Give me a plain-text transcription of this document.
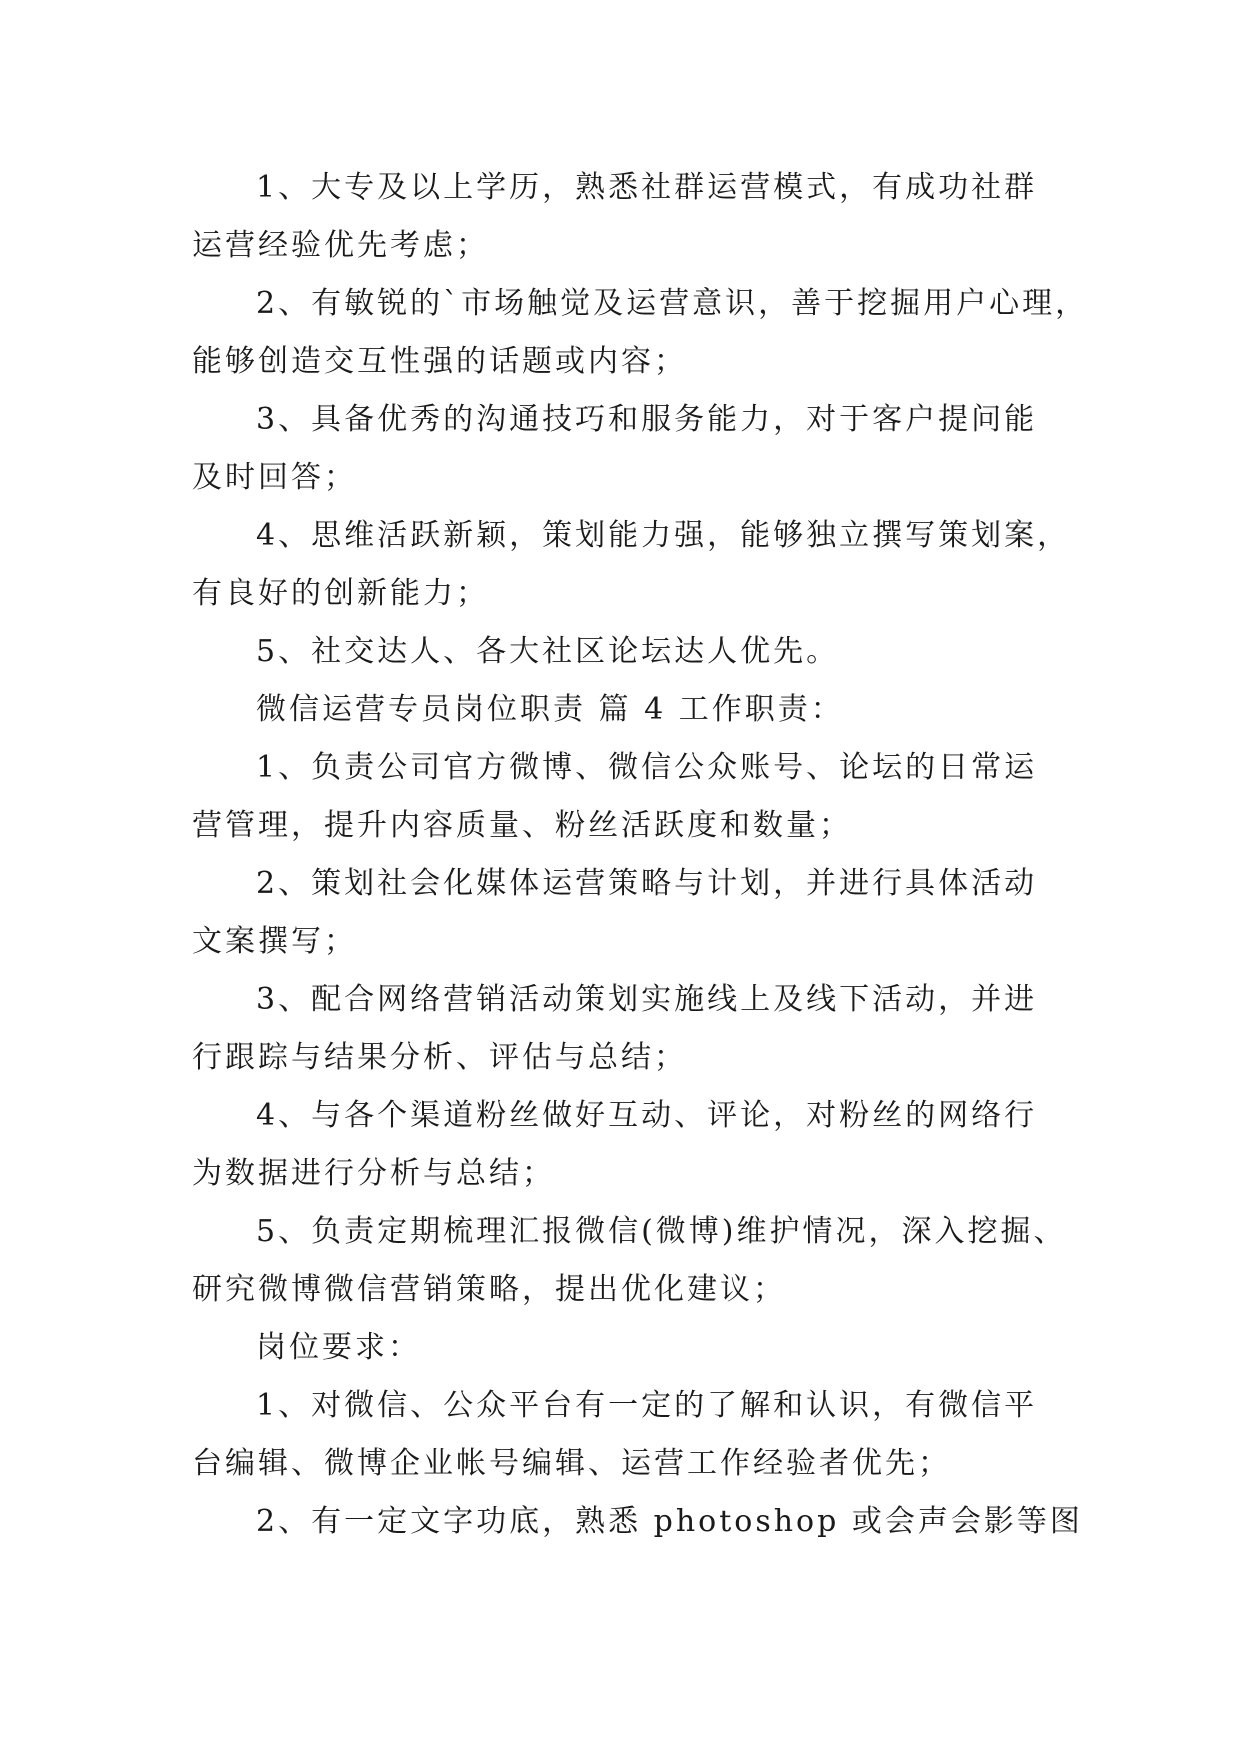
1、大专及以上学历，熟悉社群运营模式，有成功社群
运营经验优先考虑；
2、有敏锐的`市场触觉及运营意识，善于挖掘用户心理，
能够创造交互性强的话题或内容；
3、具备优秀的沟通技巧和服务能力，对于客户提问能
及时回答；
4、思维活跃新颖，策划能力强，能够独立撰写策划案，
有良好的创新能力；
5、社交达人、各大社区论坛达人优先。
微信运营专员岗位职责 篇 4 工作职责：
1、负责公司官方微博、微信公众账号、论坛的日常运
营管理，提升内容质量、粉丝活跃度和数量；
2、策划社会化媒体运营策略与计划，并进行具体活动
文案撰写；
3、配合网络营销活动策划实施线上及线下活动，并进
行跟踪与结果分析、评估与总结；
4、与各个渠道粉丝做好互动、评论，对粉丝的网络行
为数据进行分析与总结；
5、负责定期梳理汇报微信(微博)维护情况，深入挖掘、
研究微博微信营销策略，提出优化建议；
岗位要求：
1、对微信、公众平台有一定的了解和认识，有微信平
台编辑、微博企业帐号编辑、运营工作经验者优先；
2、有一定文字功底，熟悉 photoshop 或会声会影等图
